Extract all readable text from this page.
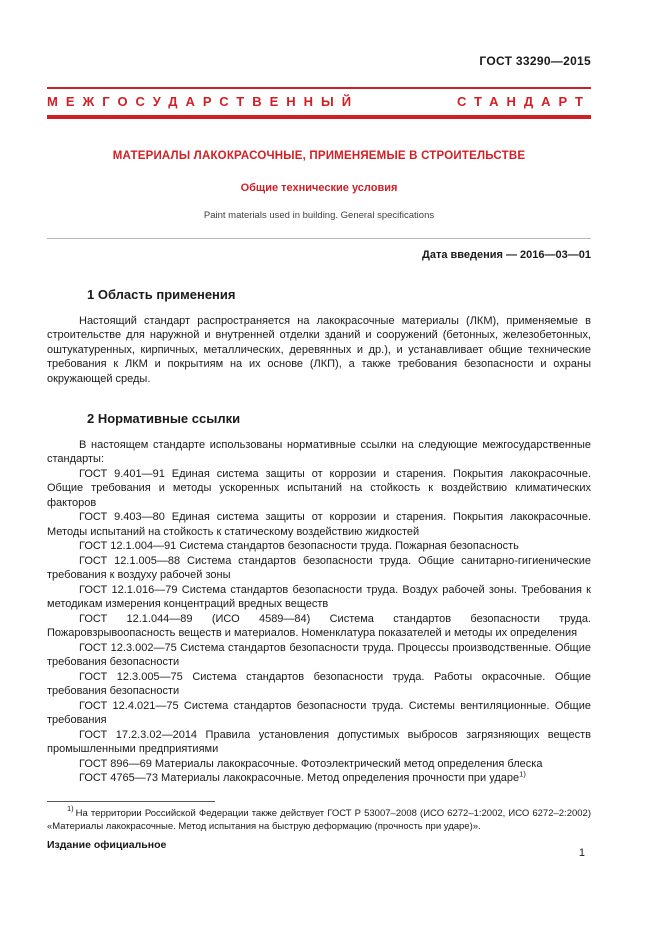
ГОСТ 33290—2015
МЕЖГОСУДАРСТВЕННЫЙ	СТАНДАРТ
МАТЕРИАЛЫ ЛАКОКРАСОЧНЫЕ, ПРИМЕНЯЕМЫЕ В СТРОИТЕЛЬСТВЕ
Общие технические условия
Paint materials used in building. General specifications
Дата введения — 2016—03—01
1 Область применения

Настоящий стандарт распространяется на лакокрасочные материалы (ЛКМ), применяемые в строительстве для наружной и внутренней отделки зданий и сооружений (бетонных, железобетонных, оштукатуренных, кирпичных, металлических, деревянных и др.), и устанавливает общие технические требования к ЛКМ и покрытиям на их основе (ЛКП), а также требования безопасности и охраны окружающей среды.

2 Нормативные ссылки

В настоящем стандарте использованы нормативные ссылки на следующие межгосударственные стандарты:

ГОСТ 9.401—91 Единая система защиты от коррозии и старения. Покрытия лакокрасочные. Общие требования и методы ускоренных испытаний на стойкость к воздействию климатических факторов

ГОСТ 9.403—80 Единая система защиты от коррозии и старения. Покрытия лакокрасочные. Методы испытаний на стойкость к статическому воздействию жидкостей

ГОСТ 12.1.004—91 Система стандартов безопасности труда. Пожарная безопасность

ГОСТ 12.1.005—88 Система стандартов безопасности труда. Общие санитарно-гигиенические требования к воздуху рабочей зоны

ГОСТ 12.1.016—79 Система стандартов безопасности труда. Воздух рабочей зоны. Требования к методикам измерения концентраций вредных веществ

ГОСТ 12.1.044—89 (ИСО 4589—84) Система стандартов безопасности труда. Пожаровзрывоопасность веществ и материалов. Номенклатура показателей и методы их определения

ГОСТ 12.3.002—75 Система стандартов безопасности труда. Процессы производственные. Общие требования безопасности

ГОСТ 12.3.005—75 Система стандартов безопасности труда. Работы окрасочные. Общие требования безопасности

ГОСТ 12.4.021—75 Система стандартов безопасности труда. Системы вентиляционные. Общие требования

ГОСТ 17.2.3.02—2014 Правила установления допустимых выбросов загрязняющих веществ промышленными предприятиями

ГОСТ 896—69 Материалы лакокрасочные. Фотоэлектрический метод определения блеска

ГОСТ 4765—73 Материалы лакокрасочные. Метод определения прочности при ударе$^{1)}$

$^{1)}$ На территории Российской Федерации также действует ГОСТ Р 53007–2008 (ИСО 6272–1:2002, ИСО 6272–2:2002) «Материалы лакокрасочные. Метод испытания на быструю деформацию (прочность при ударе)».

Издание официальное
1
